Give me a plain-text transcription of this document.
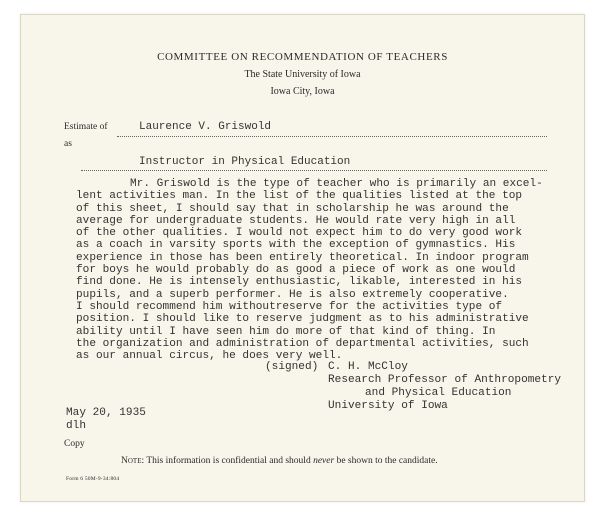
COMMITTEE ON RECOMMENDATION OF TEACHERS
The State University of Iowa
Iowa City, Iowa
Estimate of	Laurence V. Griswold
as
Instructor in Physical Education
Mr. Griswold is the type of teacher who is primarily an excel-
lent activities man. In the list of the qualities listed at the top
of this sheet, I should say that in scholarship he was around the
average for undergraduate students. He would rate very high in all
of the other qualities. I would not expect him to do very good work
as a coach in varsity sports with the exception of gymnastics. His
experience in those has been entirely theoretical. In indoor program
for boys he would probably do as good a piece of work as one would
find done. He is intensely enthusiastic, likable, interested in his
pupils, and a superb performer. He is also extremely cooperative.
I should recommend him withoutreserve for the activities type of
position. I should like to reserve judgment as to his administrative
ability until I have seen him do more of that kind of thing. In
the organization and administration of departmental activities, such
as our annual circus, he does very well.
(signed) C. H. McCloy
Research Professor of Anthropometry
and Physical Education
University of Iowa
May 20, 1935
dlh
Copy
Note: This information is confidential and should never be shown to the candidate.
Form 6 50M-9-34:804
